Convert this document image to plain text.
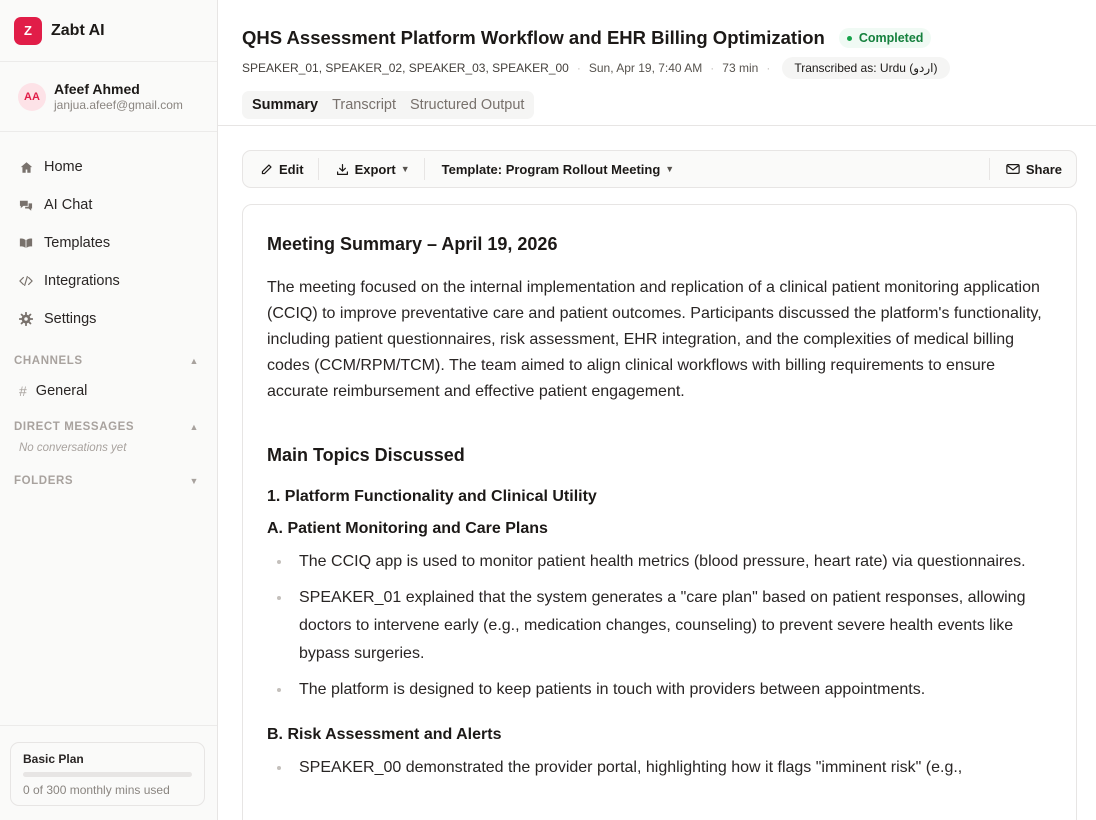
Z	Zabt AI
AA	Afeef Ahmed
janjua.afeef@gmail.com
Home
AI Chat
Templates
Integrations
Settings
CHANNELS	▲
# General
DIRECT MESSAGES	▲
No conversations yet
FOLDERS	▼
Basic Plan
0 of 300 monthly mins used
QHS Assessment Platform Workflow and EHR Billing Optimization	Completed
SPEAKER_01, SPEAKER_02, SPEAKER_03, SPEAKER_00 · Sun, Apr 19, 7:40 AM · 73 min ·	Transcribed as: Urdu (اردو)
Summary Transcript Structured Output
Edit	Export ▼ Template: Program Rollout Meeting ▼	Share
Meeting Summary – April 19, 2026

The meeting focused on the internal implementation and replication of a clinical patient monitoring application (CCIQ) to improve preventative care and patient outcomes. Participants discussed the platform's functionality, including patient questionnaires, risk assessment, EHR integration, and the complexities of medical billing codes (CCM/RPM/TCM). The team aimed to align clinical workflows with billing requirements to ensure accurate reimbursement and effective patient engagement.

Main Topics Discussed
1. Platform Functionality and Clinical Utility
A. Patient Monitoring and Care Plans
The CCIQ app is used to monitor patient health metrics (blood pressure, heart rate) via questionnaires.
SPEAKER_01 explained that the system generates a "care plan" based on patient responses, allowing doctors to intervene early (e.g., medication changes, counseling) to prevent severe health events like bypass surgeries.
The platform is designed to keep patients in touch with providers between appointments.
B. Risk Assessment and Alerts
SPEAKER_00 demonstrated the provider portal, highlighting how it flags "imminent risk" (e.g.,
